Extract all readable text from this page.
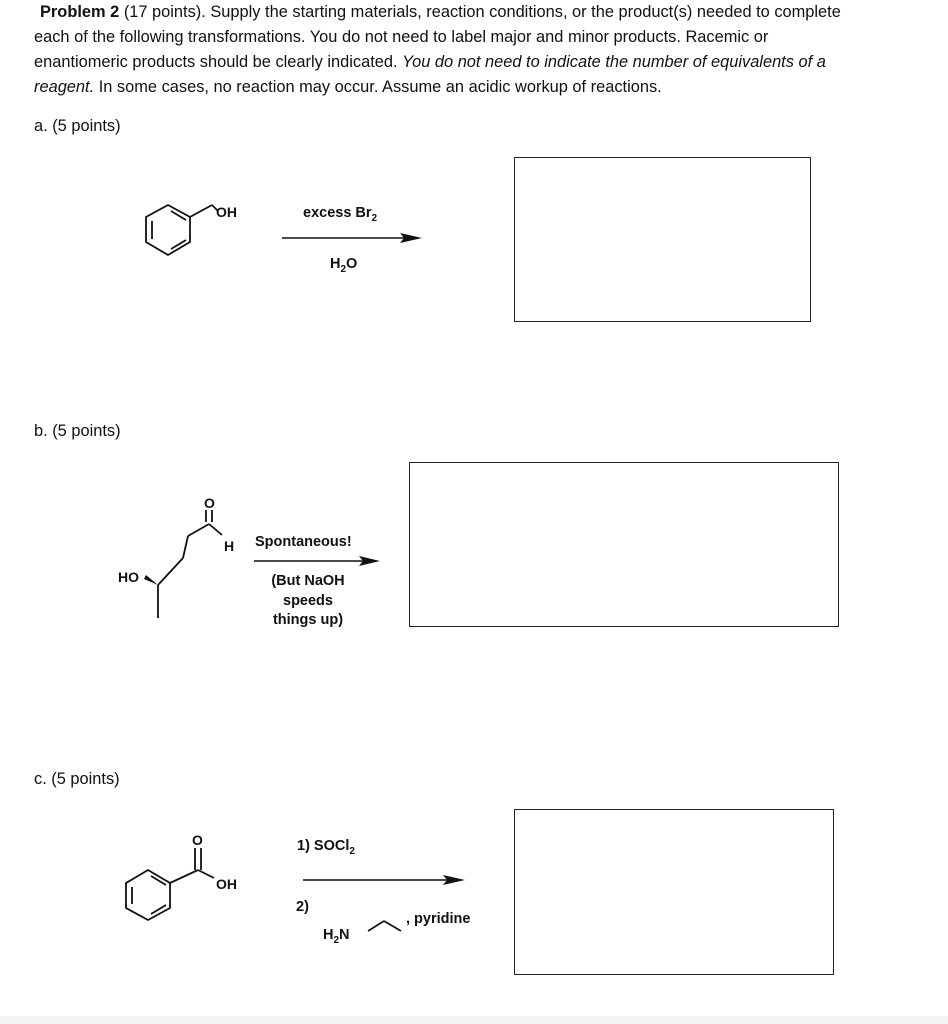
Problem 2 (17 points). Supply the starting materials, reaction conditions, or the product(s) needed to complete
each of the following transformations. You do not need to label major and minor products. Racemic or
enantiomeric products should be clearly indicated. You do not need to indicate the number of equivalents of a
reagent. In some cases, no reaction may occur. Assume an acidic workup of reactions.
a. (5 points)
OH	excess $Br_2$
$H_2O$
b. (5 points)
O
H
HO
Spontaneous!
(But NaOH
speeds
things up)
c. (5 points)
O
OH
1) SOCl$_2$
2)
$H_2N$
, pyridine
